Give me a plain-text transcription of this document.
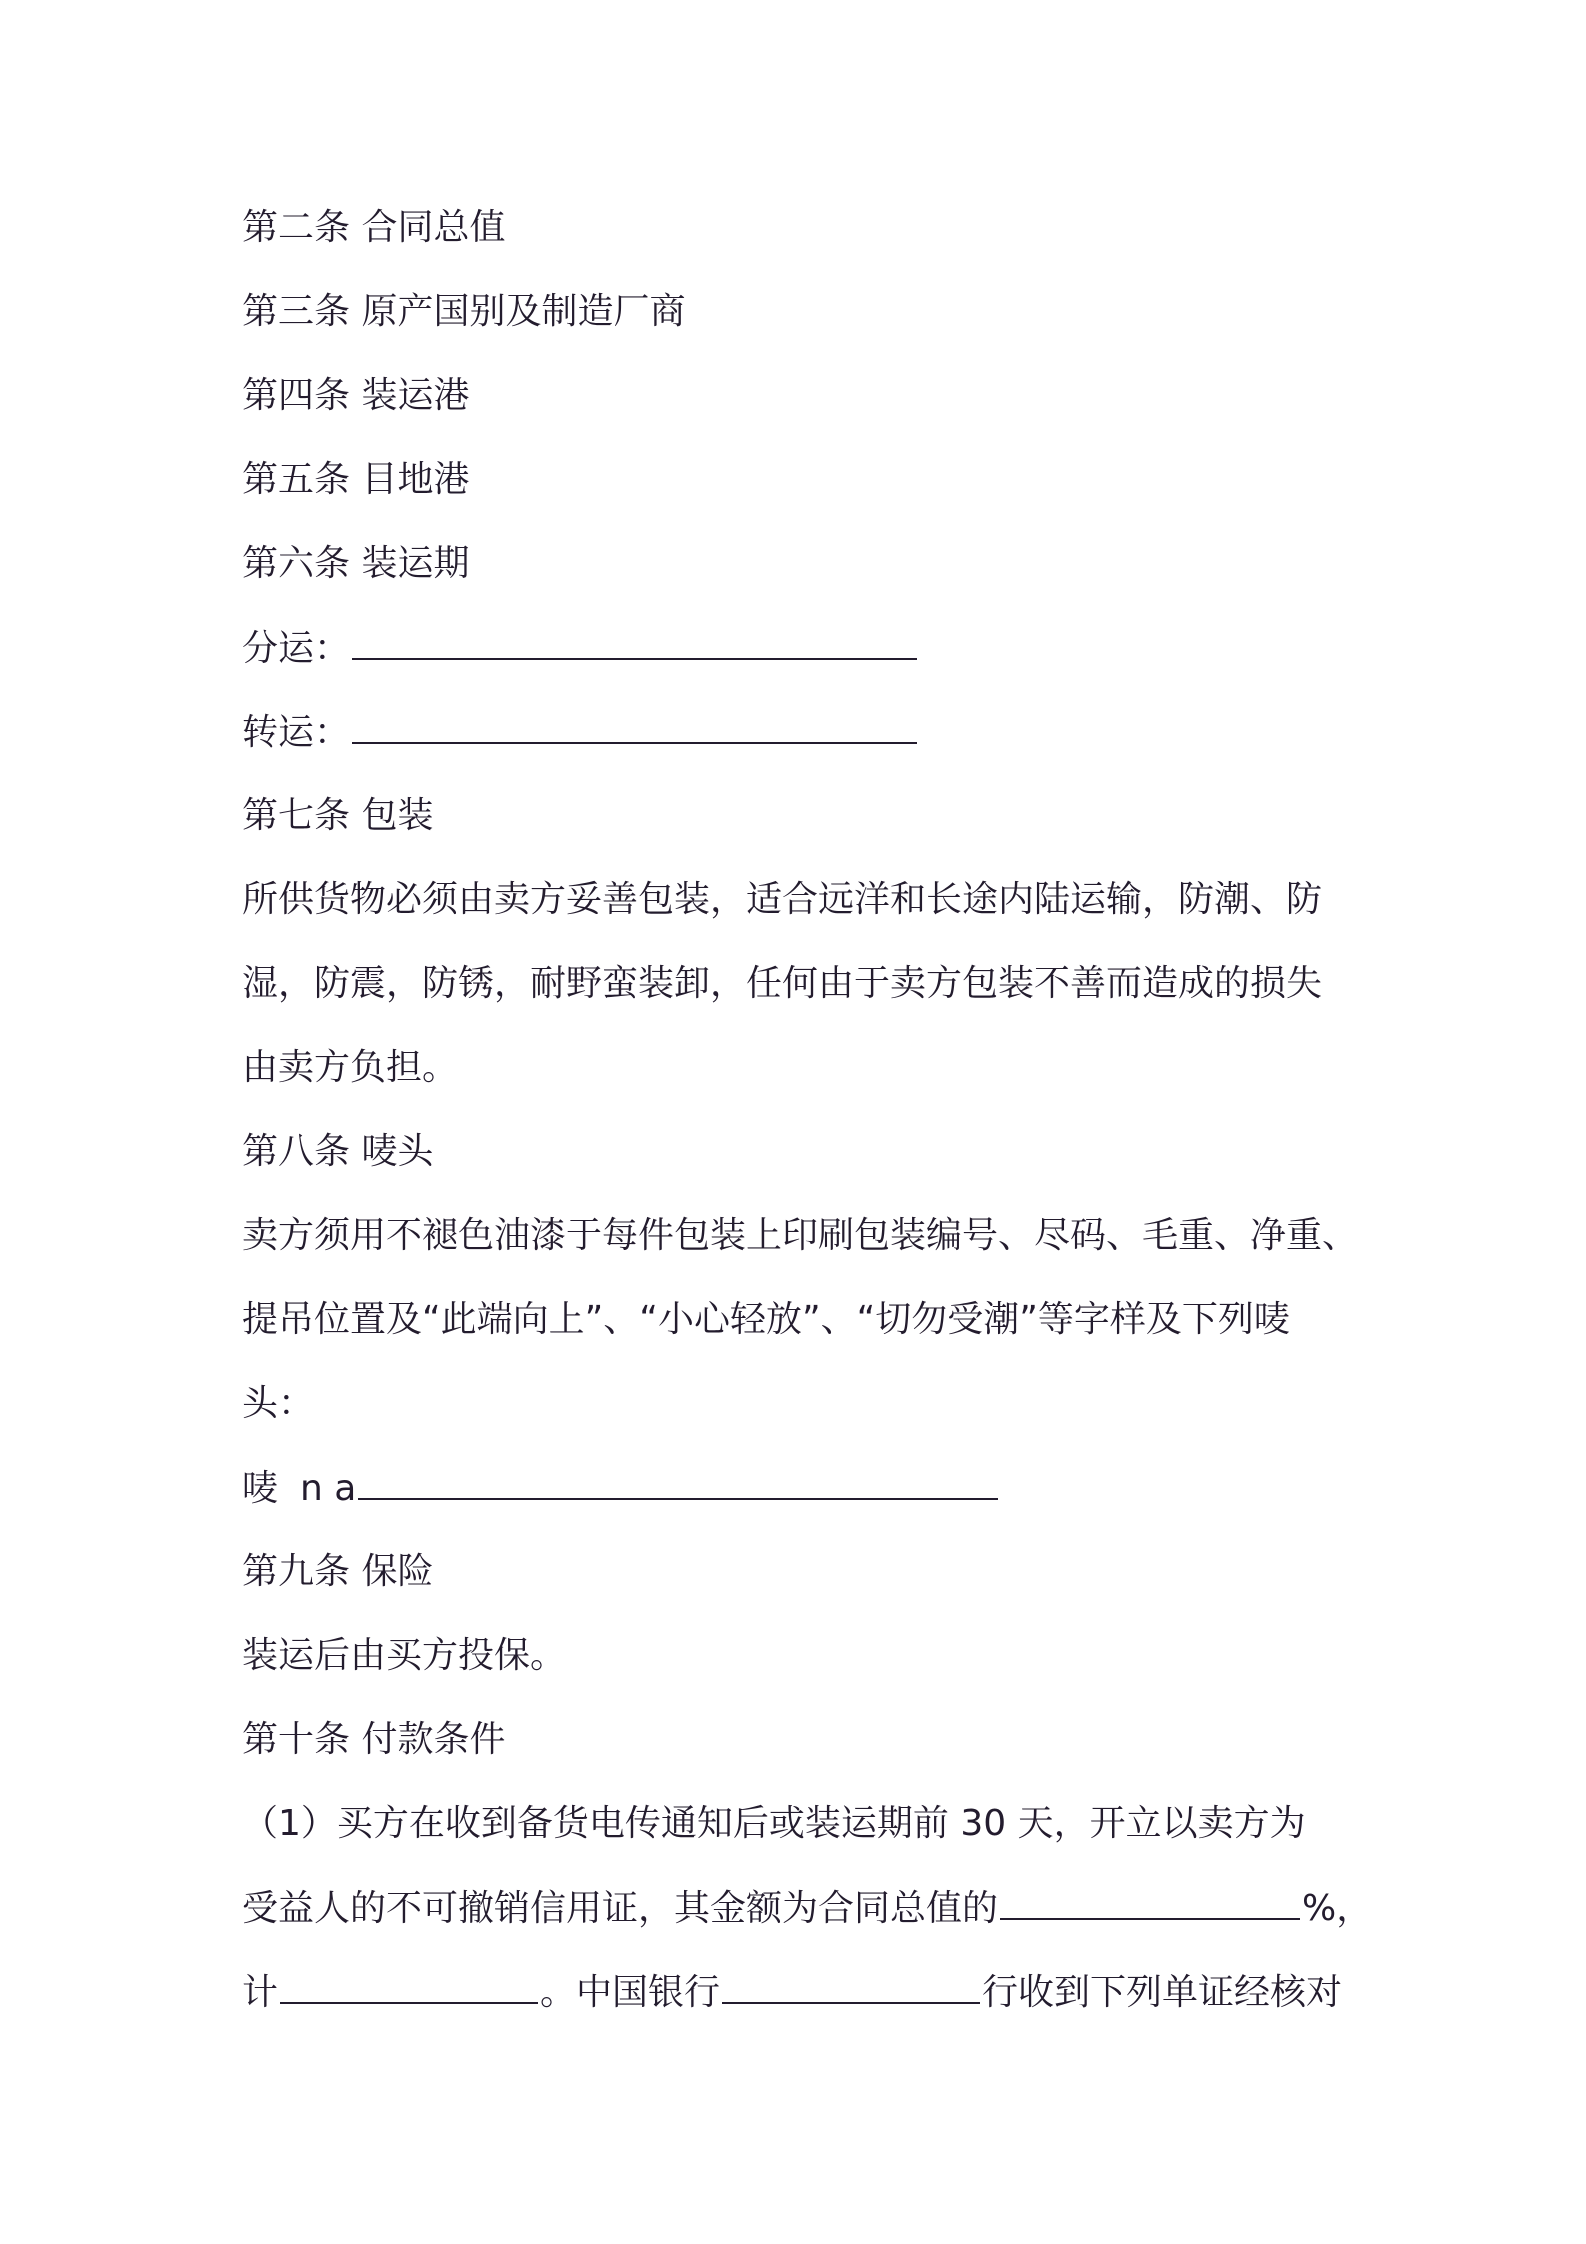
第二条 合同总值
第三条 原产国别及制造厂商
第四条 装运港
第五条 目地港
第六条 装运期
分运：
转运：
第七条 包装
所供货物必须由卖方妥善包装，适合远洋和长途内陆运输，防潮、防
湿，防震，防锈，耐野蛮装卸，任何由于卖方包装不善而造成的损失
由卖方负担。
第八条 唛头
卖方须用不褪色油漆于每件包装上印刷包装编号、尽码、毛重、净重、
提吊位置及“此端向上”、“小心轻放”、“切勿受潮”等字样及下列唛
头：
唛 n a
第九条 保险
装运后由买方投保。
第十条 付款条件
（1）买方在收到备货电传通知后或装运期前 30 天，开立以卖方为
受益人的不可撤销信用证，其金额为合同总值的	%，
计	。中国银行	行收到下列单证经核对
